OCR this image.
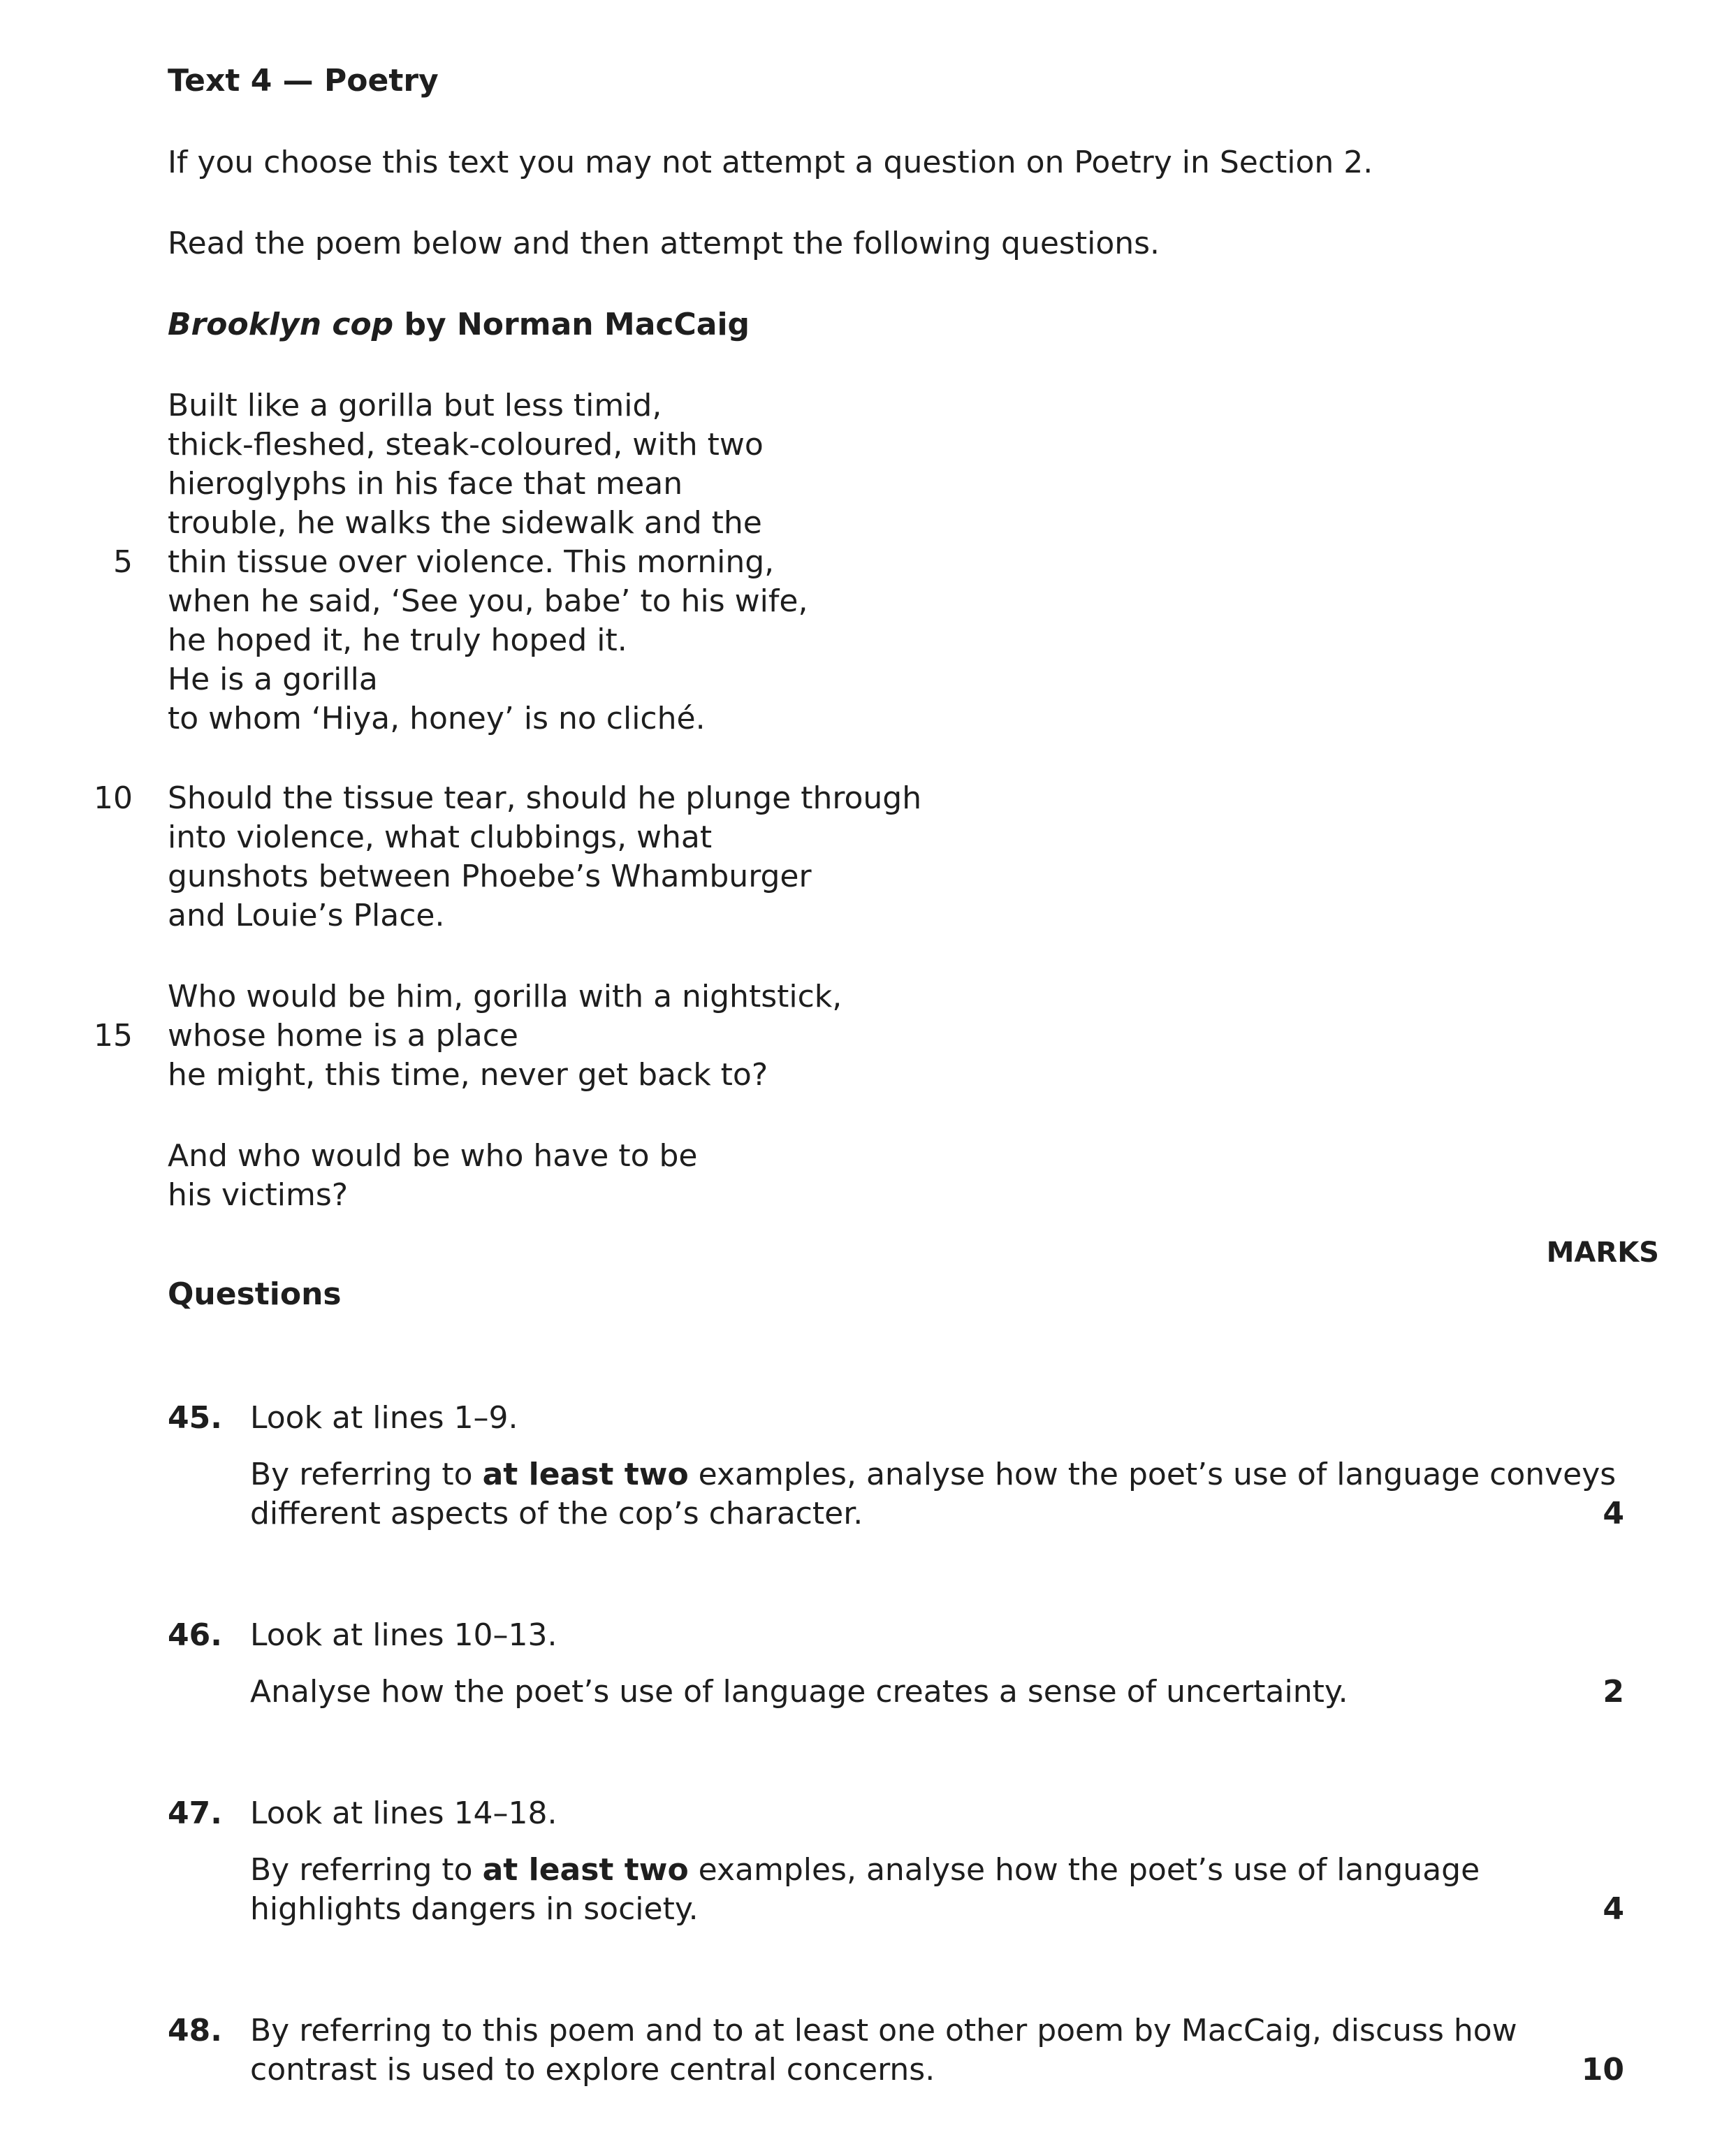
Text 4 — Poetry
If you choose this text you may not attempt a question on Poetry in Section 2.
Read the poem below and then attempt the following questions.
Brooklyn cop by Norman MacCaig
Built like a gorilla but less timid,
thick-fleshed, steak-coloured, with two
hieroglyphs in his face that mean
trouble, he walks the sidewalk and the
5 thin tissue over violence. This morning,
when he said, ‘See you, babe’ to his wife,
he hoped it, he truly hoped it.
He is a gorilla
to whom ‘Hiya, honey’ is no cliché.
10 Should the tissue tear, should he plunge through
into violence, what clubbings, what
gunshots between Phoebe’s Whamburger
and Louie’s Place.
Who would be him, gorilla with a nightstick,
15 whose home is a place
he might, this time, never get back to?
And who would be who have to be
his victims?
MARKS
Questions
45. Look at lines 1–9.
By referring to at least two examples, analyse how the poet’s use of language conveys
different aspects of the cop’s character.	4
46. Look at lines 10–13.
Analyse how the poet’s use of language creates a sense of uncertainty.	2
47. Look at lines 14–18.
By referring to at least two examples, analyse how the poet’s use of language
highlights dangers in society.	4
48. By referring to this poem and to at least one other poem by MacCaig, discuss how
contrast is used to explore central concerns.	10
